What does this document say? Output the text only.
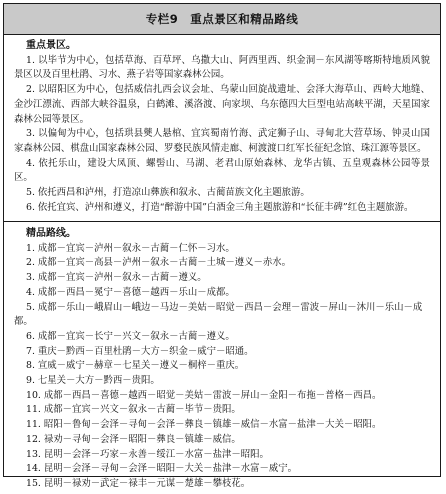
专栏9　重点景区和精品路线
重点景区。

1. 以毕节为中心，包括草海、百草坪、乌撒大山、阿西里西、织金洞－东风湖等喀斯特地质风貌景区以及百里杜鹃、习水、燕子岩等国家森林公园。

2. 以昭阳区为中心，包括威信扎西会议会址、乌蒙山回旋战遗址、会泽大海草山、西岭大地缝、金沙江漂流、西部大峡谷温泉，白鹤滩、溪洛渡、向家坝、乌东德四大巨型电站高峡平湖，天星国家森林公园等景区。

3. 以偏甸为中心，包括珙县僰人悬棺、宜宾蜀南竹海、武定狮子山、寻甸北大营草场、钟灵山国家森林公园、棋盘山国家森林公园、罗婺民族风情走廊、柯渡渡口红军长征纪念馆、珠江源等景区。

4. 依托乐山，建设大凤顶、螺髻山、马湖、老君山原始森林、龙华古镇、五皇观森林公园等景区。

5. 依托西昌和泸州，打造凉山彝族和叙永、古蔺苗族文化主题旅游。

6. 依托宜宾、泸州和遵义，打造“醉游中国”白酒金三角主题旅游和“长征丰碑”红色主题旅游。

精品路线。

1. 成都－宜宾－泸州－叙永－古蔺－仁怀－习水。

2. 成都－宜宾－高县－泸州－叙永－古蔺－土城－遵义－赤水。

3. 成都－宜宾－泸州－叙永－古蔺－遵义。

4. 成都－西昌－冕宁－喜德－越西－乐山－成都。

5. 成都－乐山－峨眉山－峨边－马边－美姑－昭觉－西昌－会理－雷波－屏山－沐川－乐山－成都。

6. 成都－宜宾－长宁－兴文－叙永－古蔺－遵义。

7. 重庆－黔西－百里杜鹃－大方－织金－威宁－昭通。

8. 宣威－威宁－赫章－七星关－遵义－桐梓－重庆。

9. 七星关－大方－黔西－贵阳。

10. 成都－西昌－喜德－越西－昭觉－美姑－雷波－屏山－金阳－布拖－普格－西昌。

11. 成都－宜宾－兴文－叙永－古蔺－毕节－贵阳。

11. 昭阳－鲁甸－会泽－寻甸－会泽－彝良－镇雄－威信－水富－盐津－大关－昭阳。

12. 禄劝－寻甸－会泽－昭阳－彝良－镇雄－威信。

13. 昆明－会泽－巧家－永善－绥江－水富－盐津－昭阳。

14. 昆明－会泽－寻甸－会泽－昭阳－大关－盐津－水富－威宁。

15. 昆明－禄劝－武定－禄丰－元谋－楚雄－攀枝花。
